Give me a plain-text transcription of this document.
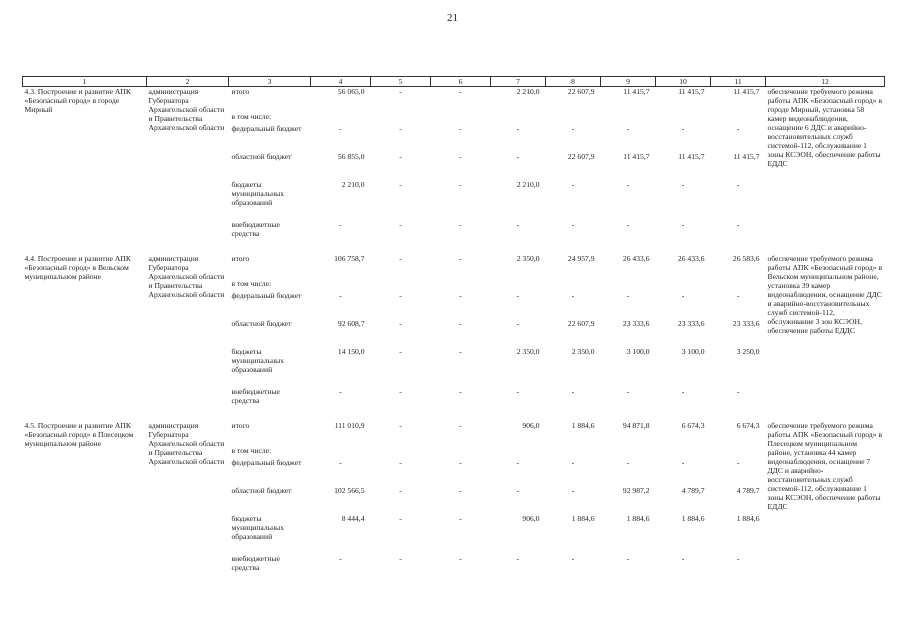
21
1	2	3	4	5	6	7	8	9	10	11	12
4.3. Построение и развитие АПК «Безопасный город» в городе Мирный	администрация Губернатора Архангельской области и Правительства Архангельской области	итого	56 065,0	-	-	2 210,0	22 607,9	11 415,7	11 415,7	11 415,7	обеспечение требуемого режима работы АПК «Безопасный город» в городе Мирный, установка 58 камер видеонаблюдения, оснащение 6 ДДС и аварийно-восстановительных служб системой-112, обслуживание 1 зоны КСЭОН, обеспечение работы ЕДДС
		в том числе:									
		федеральный бюджет	-	-	-	-	-	-	-	-	
		областной бюджет	56 855,0	-	-	-	22 607,9	11 415,7	11 415,7	11 415,7	
		бюджеты муниципальных образований	2 210,0	-	-	2 210,0	-	-	-	-	
		внебюджетные средства	-	-	-	-	-	-	-	-	

4.4. Построение и развитие АПК «Безопасный город» в Вельском муниципальном районе	администрация Губернатора Архангельской области и Правительства Архангельской области	итого	106 758,7	-	-	2 350,0	24 957,9	26 433,6	26 433,6	26 583,6	обеспечение требуемого режима работы АПК «Безопасный город» в Вельском муниципальном районе, установка 39 камер видеонаблюдения, оснащение ДДС и аварийно-восстановительных служб системой-112, обслуживание 3 зон КСЭОН, обеспечение работы ЕДДС
		в том числе:									
		федеральный бюджет	-	-	-	-	-	-	-	-	
		областной бюджет	92 608,7	-	-	-	22 607,9	23 333,6	23 333,6	23 333,6	
		бюджеты муниципальных образований	14 150,0	-	-	2 350,0	2 350,0	3 100,0	3 100,0	3 250,0	
		внебюджетные средства	-	-	-	-	-	-	-	-	

4.5. Построение и развитие АПК «Безопасный город» в Плесецком муниципальном районе	администрация Губернатора Архангельской области и Правительства Архангельской области	итого	111 010,9	-	-	906,0	1 884,6	94 871,8	6 674,3	6 674,3	обеспечение требуемого режима работы АПК «Безопасный город» в Плесецком муниципальном районе, установка 44 камер видеонаблюдения, оснащение 7 ДДС и аварийно-восстановительных служб системой-112, обслуживание 1 зоны КСЭОН, обеспечение работы ЕДДС
		в том числе:									
		федеральный бюджет	-	-	-	-	-	-	-	-	
		областной бюджет	102 566,5	-	-	-	-	92 987,2	4 789,7	4 789,7	
		бюджеты муниципальных образований	8 444,4	-	-	906,0	1 884,6	1 884,6	1 884,6	1 884,6	
		внебюджетные средства	-	-	-	-	-	-	-	-	
